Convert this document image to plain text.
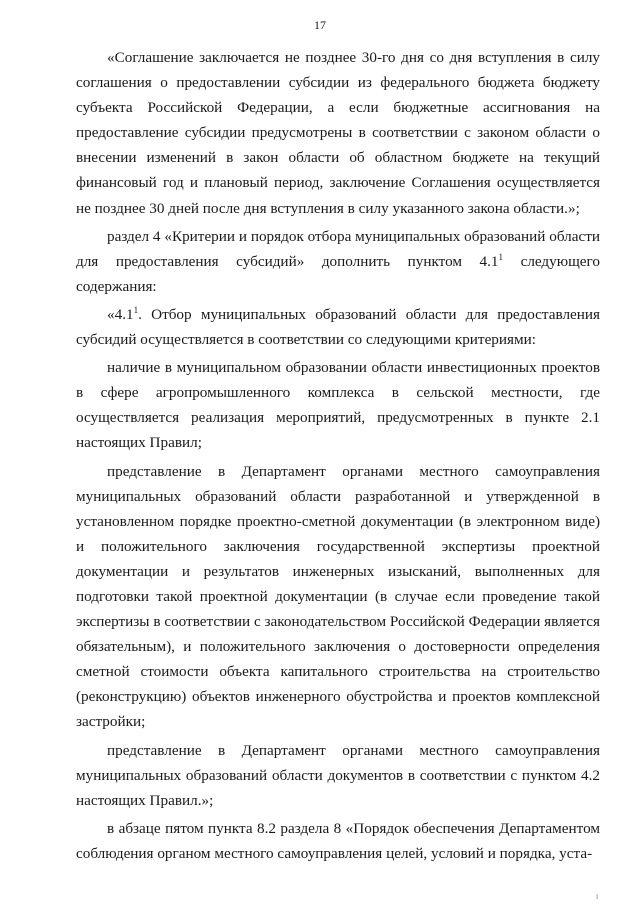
17

«Соглашение заключается не позднее 30-го дня со дня вступления в силу соглашения о предоставлении субсидии из федерального бюджета бюджету субъекта Российской Федерации, а если бюджетные ассигнования на предоставление субсидии предусмотрены в соответствии с законом области о внесении изменений в закон области об областном бюджете на текущий финансовый год и плановый период, заключение Соглашения осуществляется не позднее 30 дней после дня вступления в силу указанного закона области.»;

раздел 4 «Критерии и порядок отбора муниципальных образований области для предоставления субсидий» дополнить пунктом $4.1^1$ следующего содержания:

«$4.1^1$. Отбор муниципальных образований области для предоставления субсидий осуществляется в соответствии со следующими критериями:

наличие в муниципальном образовании области инвестиционных проектов в сфере агропромышленного комплекса в сельской местности, где осуществляется реализация мероприятий, предусмотренных в пункте 2.1 настоящих Правил;

представление в Департамент органами местного самоуправления муниципальных образований области разработанной и утвержденной в установленном порядке проектно-сметной документации (в электронном виде) и положительного заключения государственной экспертизы проектной документации и результатов инженерных изысканий, выполненных для подготовки такой проектной документации (в случае если проведение такой экспертизы в соответствии с законодательством Российской Федерации является обязательным), и положительного заключения о достоверности определения сметной стоимости объекта капитального строительства на строительство (реконструкцию) объектов инженерного обустройства и проектов комплексной застройки;

представление в Департамент органами местного самоуправления муниципальных образований области документов в соответствии с пунктом 4.2 настоящих Правил.»;

в абзаце пятом пункта 8.2 раздела 8 «Порядок обеспечения Департаментом соблюдения органом местного самоуправления целей, условий и порядка, уста-

ı
